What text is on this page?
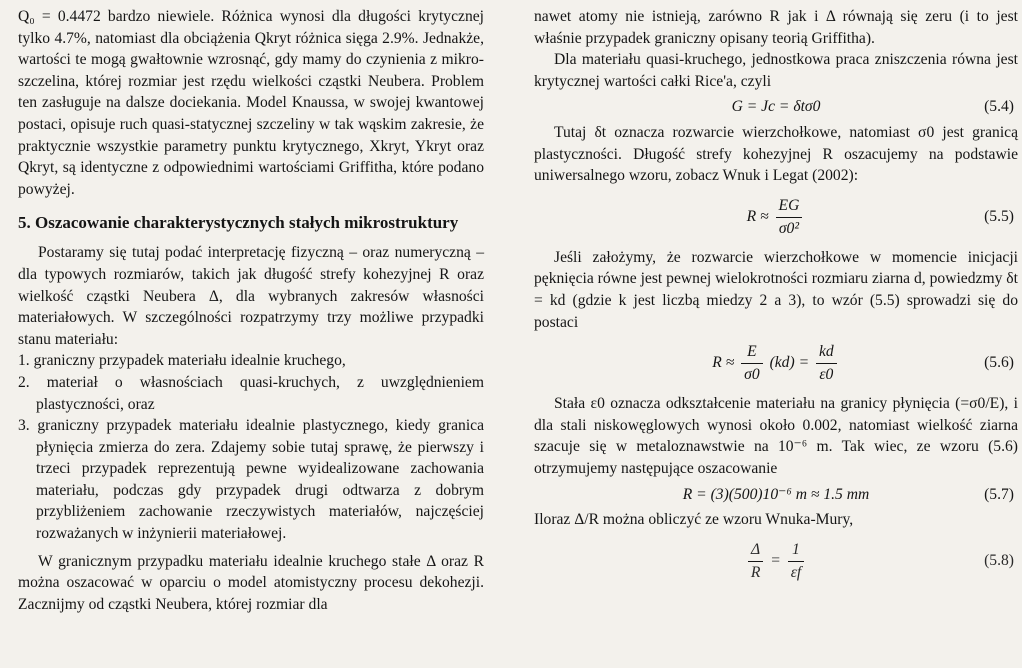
Q₀ = 0.4472 bardzo niewiele. Różnica wynosi dla długości krytycznej tylko 4.7%, natomiast dla obciążenia Qkryt różnica sięga 2.9%. Jednakże, wartości te mogą gwałtownie wzrosnąć, gdy mamy do czynienia z mikro-szczelina, której rozmiar jest rzędu wielkości cząstki Neubera. Problem ten zasługuje na dalsze dociekania. Model Knaussa, w swojej kwantowej postaci, opisuje ruch quasi-statycznej szczeliny w tak wąskim zakresie, że praktycznie wszystkie parametry punktu krytycznego, Xkryt, Ykryt oraz Qkryt, są identyczne z odpowiednimi wartościami Griffitha, które podano powyżej.

5. Oszacowanie charakterystycznych stałych mikrostruktury

Postaramy się tutaj podać interpretację fizyczną – oraz numeryczną – dla typowych rozmiarów, takich jak długość strefy kohezyjnej R oraz wielkość cząstki Neubera Δ, dla wybranych zakresów własności materiałowych. W szczególności rozpatrzymy trzy możliwe przypadki stanu materiału:

1. graniczny przypadek materiału idealnie kruchego,
2. materiał o własnościach quasi-kruchych, z uwzględnieniem plastyczności, oraz
3. graniczny przypadek materiału idealnie plastycznego, kiedy granica płynięcia zmierza do zera. Zdajemy sobie tutaj sprawę, że pierwszy i trzeci przypadek reprezentują pewne wyidealizowane zachowania materiału, podczas gdy przypadek drugi odtwarza z dobrym przybliżeniem zachowanie rzeczywistych materiałów, najczęściej rozważanych w inżynierii materiałowej.

W granicznym przypadku materiału idealnie kruchego stałe Δ oraz R można oszacować w oparciu o model atomistyczny procesu dekohezji. Zacznijmy od cząstki Neubera, której rozmiar dla

nawet atomy nie istnieją, zarówno R jak i Δ równają się zeru (i to jest właśnie przypadek graniczny opisany teorią Griffitha).

Dla materiału quasi-kruchego, jednostkowa praca zniszczenia równa jest krytycznej wartości całki Rice'a, czyli

G = Jc = δtσ0	(5.4)

Tutaj δt oznacza rozwarcie wierzchołkowe, natomiast σ0 jest granicą plastyczności. Długość strefy kohezyjnej R oszacujemy na podstawie uniwersalnego wzoru, zobacz Wnuk i Legat (2002):

$R \approx \frac{EG}{\text{σ0²}}$	(5.5)

Jeśli założymy, że rozwarcie wierzchołkowe w momencie inicjacji pęknięcia równe jest pewnej wielokrotności rozmiaru ziarna d, powiedzmy δt = kd (gdzie k jest liczbą miedzy 2 a 3), to wzór (5.5) sprowadzi się do postaci

$R \approx \frac{E}{\sigma 0} (kd) = \frac{kd}{\varepsilon 0}$	(5.6)

Stała ε0 oznacza odkształcenie materiału na granicy płynięcia (=σ0/E), i dla stali niskowęglowych wynosi około 0.002, natomiast wielkość ziarna szacuje się w metaloznawstwie na 10⁻⁶ m. Tak wiec, ze wzoru (5.6) otrzymujemy następujące oszacowanie

R = (3)(500)10⁻⁶ m ≈ 1.5 mm	(5.7)

Iloraz Δ/R można obliczyć ze wzoru Wnuka-Mury,

$\frac{\Delta}{R} = \frac{1}{\varepsilon f}$	(5.8)
